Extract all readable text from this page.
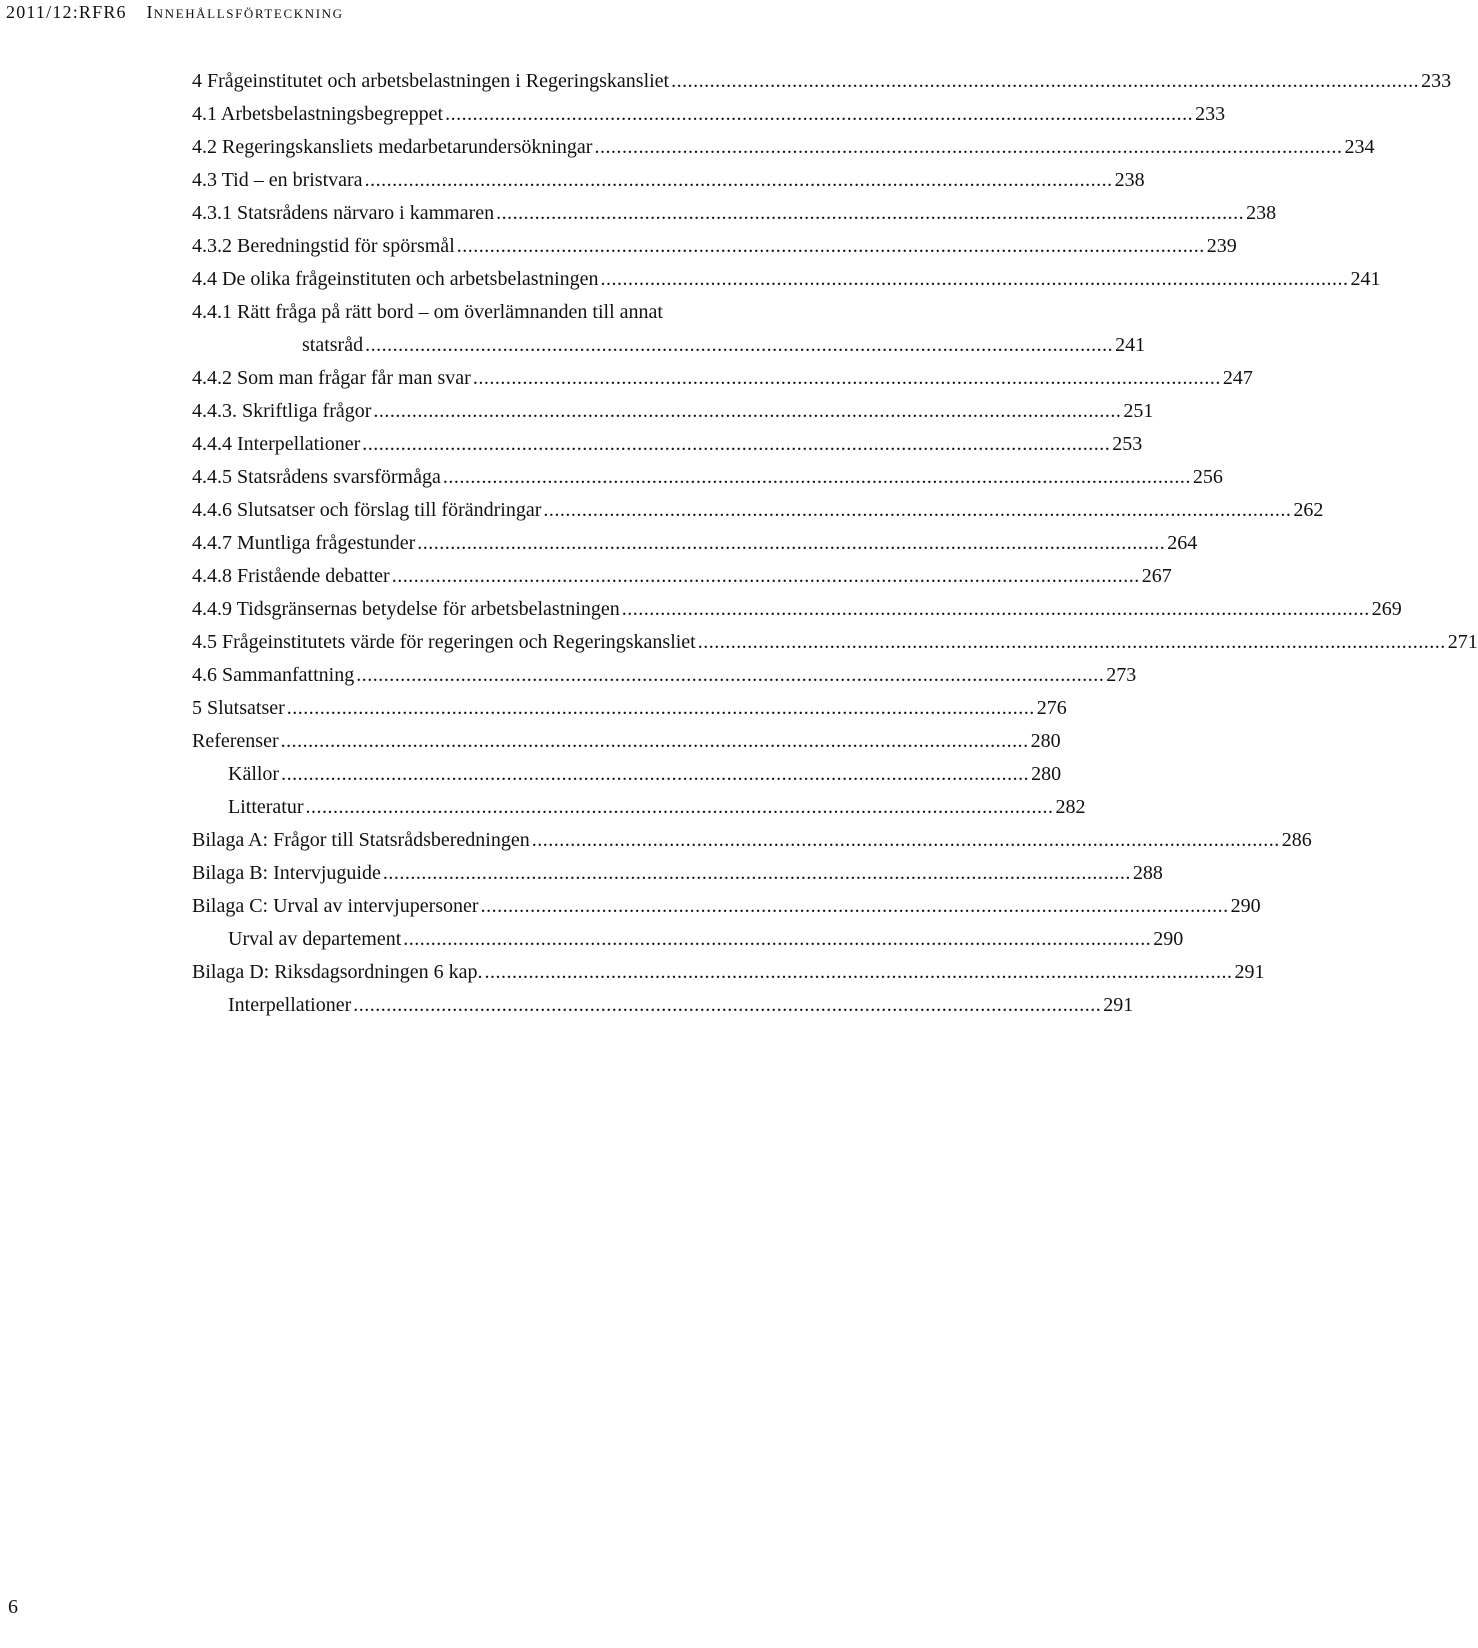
2011/12:RFR6 INNEHÅLLSFÖRTECKNING
4 Frågeinstitutet och arbetsbelastningen i Regeringskansliet ........................................................................................................................................ 233
4.1 Arbetsbelastningsbegreppet ........................................................................................................................................ 233
4.2 Regeringskansliets medarbetarundersökningar ........................................................................................................................................ 234
4.3 Tid – en bristvara ........................................................................................................................................ 238
4.3.1 Statsrådens närvaro i kammaren ........................................................................................................................................ 238
4.3.2 Beredningstid för spörsmål ........................................................................................................................................ 239
4.4 De olika frågeinstituten och arbetsbelastningen ........................................................................................................................................ 241
4.4.1 Rätt fråga på rätt bord – om överlämnanden till annat
statsråd ........................................................................................................................................ 241
4.4.2 Som man frågar får man svar ........................................................................................................................................ 247
4.4.3. Skriftliga frågor ........................................................................................................................................ 251
4.4.4 Interpellationer ........................................................................................................................................ 253
4.4.5 Statsrådens svarsförmåga ........................................................................................................................................ 256
4.4.6 Slutsatser och förslag till förändringar ........................................................................................................................................ 262
4.4.7 Muntliga frågestunder ........................................................................................................................................ 264
4.4.8 Fristående debatter ........................................................................................................................................ 267
4.4.9 Tidsgränsernas betydelse för arbetsbelastningen ........................................................................................................................................ 269
4.5 Frågeinstitutets värde för regeringen och Regeringskansliet ........................................................................................................................................ 271
4.6 Sammanfattning ........................................................................................................................................ 273
5 Slutsatser ........................................................................................................................................ 276
Referenser ........................................................................................................................................ 280
Källor ........................................................................................................................................ 280
Litteratur ........................................................................................................................................ 282
Bilaga A: Frågor till Statsrådsberedningen ........................................................................................................................................ 286
Bilaga B: Intervjuguide ........................................................................................................................................ 288
Bilaga C: Urval av intervjupersoner ........................................................................................................................................ 290
Urval av departement ........................................................................................................................................ 290
Bilaga D: Riksdagsordningen 6 kap. ........................................................................................................................................ 291
Interpellationer ........................................................................................................................................ 291
6
